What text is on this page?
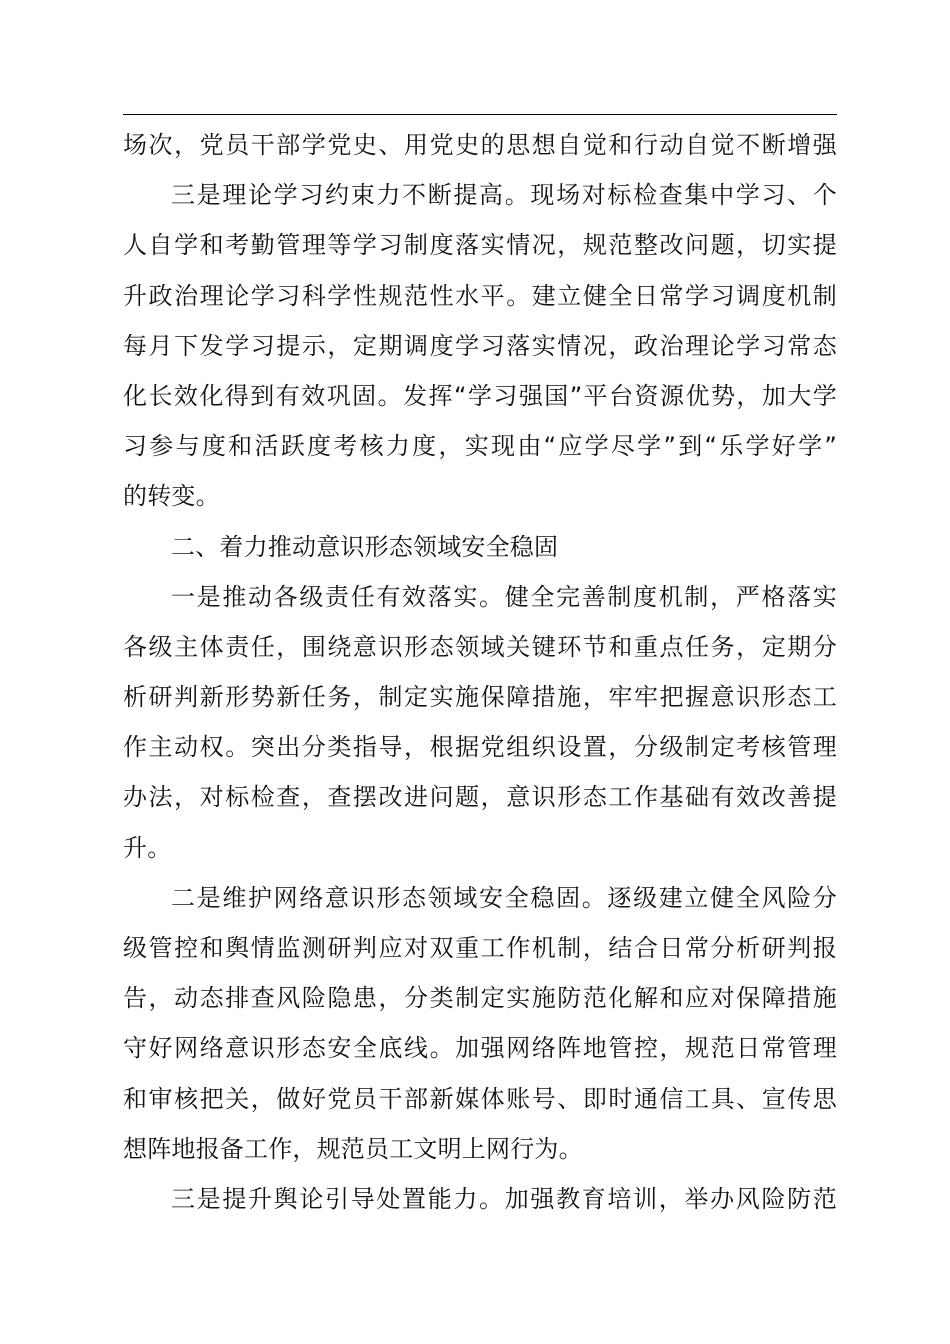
场次，党员干部学党史、用党史的思想自觉和行动自觉不断增强
三是理论学习约束力不断提高。现场对标检查集中学习、个
人自学和考勤管理等学习制度落实情况，规范整改问题，切实提
升政治理论学习科学性规范性水平。建立健全日常学习调度机制
每月下发学习提示，定期调度学习落实情况，政治理论学习常态
化长效化得到有效巩固。发挥“学习强国”平台资源优势，加大学
习参与度和活跃度考核力度，实现由“应学尽学”到“乐学好学”
的转变。
二、着力推动意识形态领域安全稳固
一是推动各级责任有效落实。健全完善制度机制，严格落实
各级主体责任，围绕意识形态领域关键环节和重点任务，定期分
析研判新形势新任务，制定实施保障措施，牢牢把握意识形态工
作主动权。突出分类指导，根据党组织设置，分级制定考核管理
办法，对标检查，查摆改进问题，意识形态工作基础有效改善提
升。
二是维护网络意识形态领域安全稳固。逐级建立健全风险分
级管控和舆情监测研判应对双重工作机制，结合日常分析研判报
告，动态排查风险隐患，分类制定实施防范化解和应对保障措施
守好网络意识形态安全底线。加强网络阵地管控，规范日常管理
和审核把关，做好党员干部新媒体账号、即时通信工具、宣传思
想阵地报备工作，规范员工文明上网行为。
三是提升舆论引导处置能力。加强教育培训，举办风险防范
